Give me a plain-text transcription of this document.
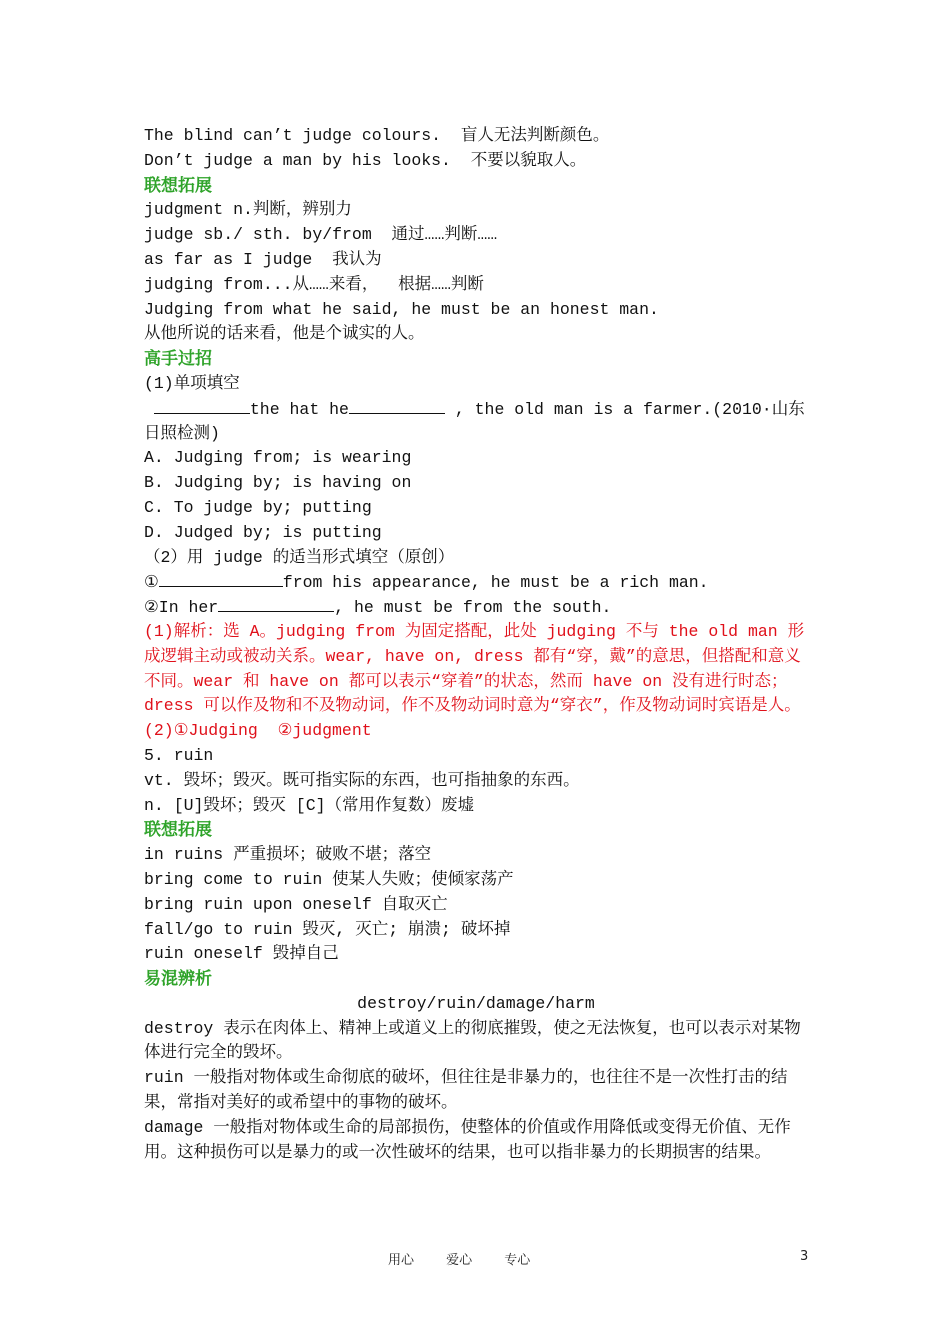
The blind can’t judge colours.  盲人无法判断颜色。
Don’t judge a man by his looks.  不要以貌取人。
联想拓展
judgment n.判断，辨别力
judge sb./ sth. by/from  通过……判断……
as far as I judge  我认为
judging from...从……来看，  根据……判断
Judging from what he said, he must be an honest man.
从他所说的话来看，他是个诚实的人。
高手过招
(1)单项填空
the hat he	, the old man is a farmer.(2010·山东
日照检测)
A. Judging from; is wearing
B. Judging by; is having on
C. To judge by; putting
D. Judged by; is putting
（2）用 judge 的适当形式填空（原创）
①	from his appearance, he must be a rich man.
②In her	, he must be from the south.
(1)解析：选 A。judging from 为固定搭配，此处 judging 不与 the old man 形成逻辑主动或被动关系。wear, have on, dress 都有“穿，戴”的意思，但搭配和意义不同。wear 和 have on 都可以表示“穿着”的状态，然而 have on 没有进行时态；dress 可以作及物和不及物动词，作不及物动词时意为“穿衣”，作及物动词时宾语是人。
(2)①Judging  ②judgment
5. ruin
vt. 毁坏；毁灭。既可指实际的东西，也可指抽象的东西。
n. [U]毁坏；毁灭 [C]（常用作复数）废墟
联想拓展
in ruins 严重损坏；破败不堪；落空
bring come to ruin 使某人失败；使倾家荡产
bring ruin upon oneself 自取灭亡
fall/go to ruin 毁灭, 灭亡; 崩溃; 破坏掉
ruin oneself 毁掉自己
易混辨析
destroy/ruin/damage/harm
destroy 表示在肉体上、精神上或道义上的彻底摧毁，使之无法恢复，也可以表示对某物体进行完全的毁坏。
ruin 一般指对物体或生命彻底的破坏，但往往是非暴力的，也往往不是一次性打击的结果，常指对美好的或希望中的事物的破坏。
damage 一般指对物体或生命的局部损伤，使整体的价值或作用降低或变得无价值、无作用。这种损伤可以是暴力的或一次性破坏的结果，也可以指非暴力的长期损害的结果。
用心 爱心 专心	3
